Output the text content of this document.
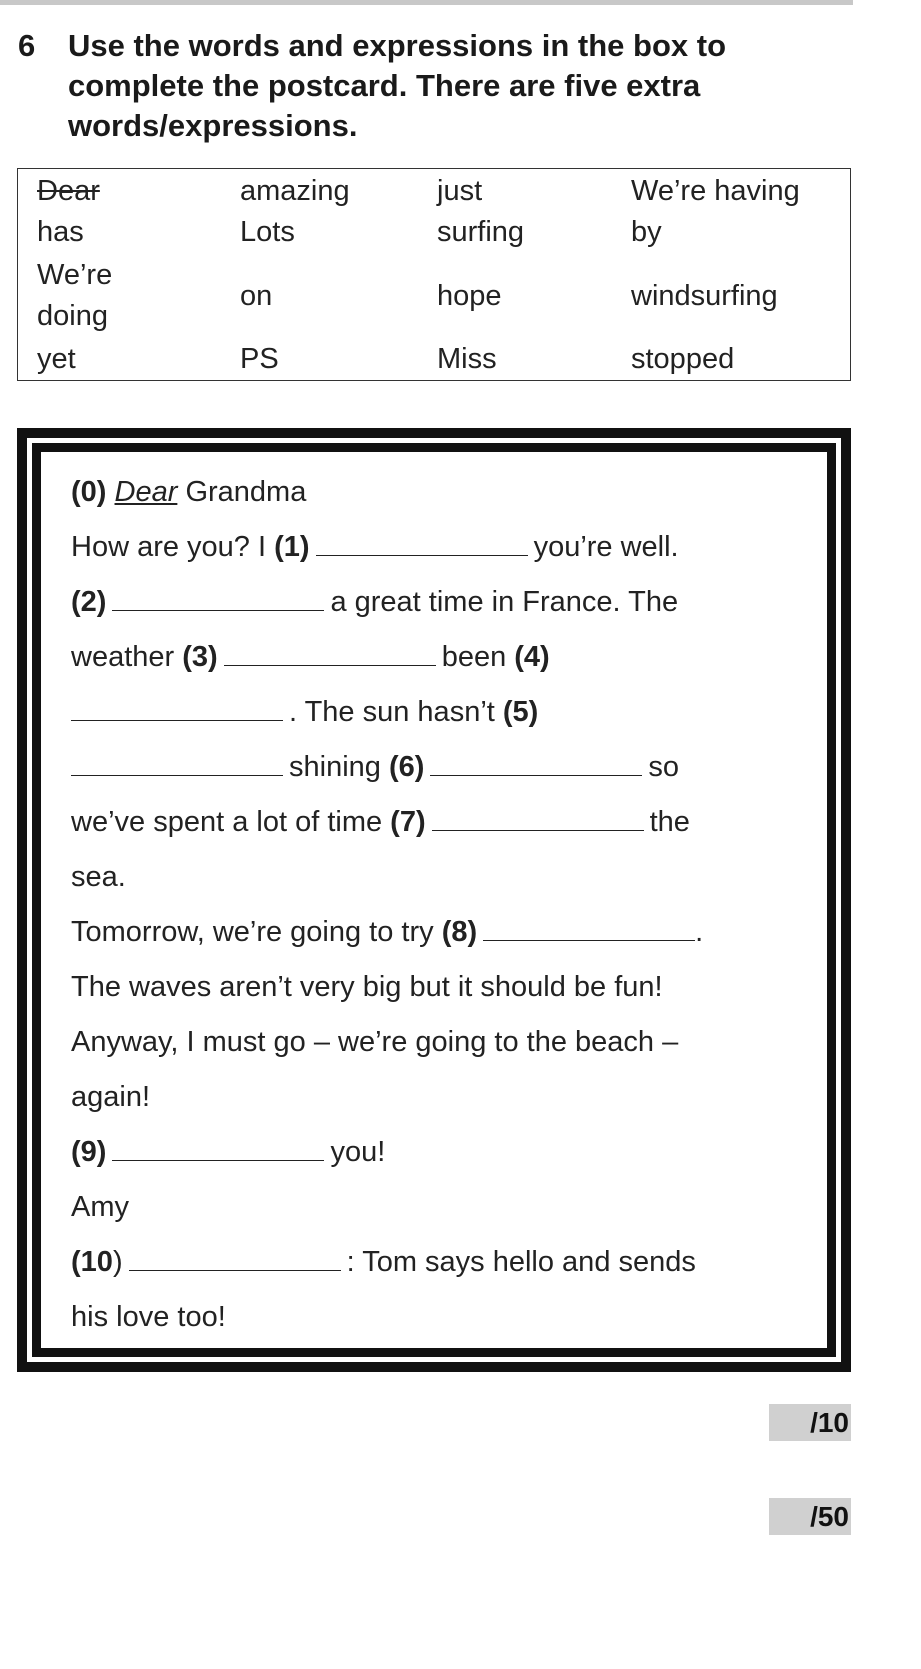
6 Use the words and expressions in the box to complete the postcard. There are five extra words/expressions.
Dear	amazing	just	We’re having
has	Lots	surfing	by
We’re doing	on	hope	windsurfing
yet	PS	Miss	stopped
(0) Dear Grandma
How are you? I (1)	you’re well.
(2)	a great time in France. The
weather (3)	been (4)
. The sun hasn’t (5)
shining (6)	so
we’ve spent a lot of time (7)	the
sea.
Tomorrow, we’re going to try (8)	.
The waves aren’t very big but it should be fun!
Anyway, I must go – we’re going to the beach –
again!
(9)	you!
Amy
(10)	: Tom says hello and sends
his love too!
/10
/50
